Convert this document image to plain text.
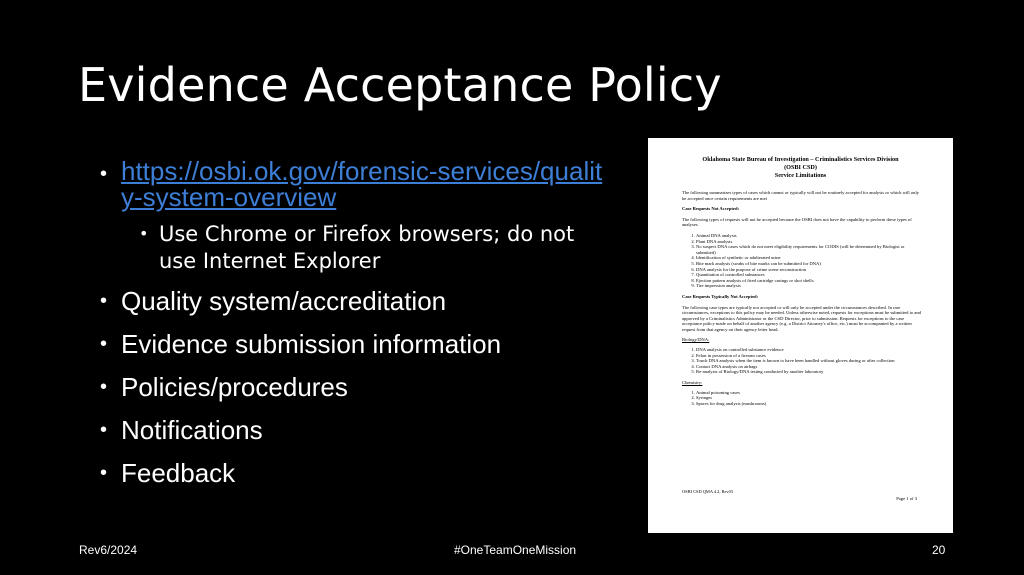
Evidence Acceptance Policy
• https://osbi.ok.gov/forensic-services/quality-system-overview
• Use Chrome or Firefox browsers; do not use Internet Explorer
• Quality system/accreditation
• Evidence submission information
• Policies/procedures
• Notifications
• Feedback
Oklahoma State Bureau of Investigation – Criminalistics Services Division
(OSBI CSD)
Service Limitations

The following summarizes types of cases which cannot or typically will not be routinely accepted for analysis or which will only be accepted once certain requirements are met

Case Requests Not Accepted:

The following types of requests will not be accepted because the OSBI does not have the capability to perform these types of analyses.

1. Animal DNA analysis
2. Plant DNA analysis
3. No suspect DNA cases which do not meet eligibility requirements for CODIS (will be determined by Biologist or submitted)
4. Identification of synthetic or adulterated urine
5. Bite mark analysis (swabs of bite marks can be submitted for DNA)
6. DNA analysis for the purpose of crime scene reconstruction
7. Quantitation of controlled substances
8. Ejection pattern analysis of fired cartridge casings or shot shells
9. Tire impression analysis

Case Requests Typically Not Accepted:

The following case types are typically not accepted or will only be accepted under the circumstances described. In rare circumstances, exceptions to this policy may be needed. Unless otherwise noted, requests for exceptions must be submitted to and approved by a Criminalistics Administrator or the CSD Director, prior to submission. Requests for exceptions to the case acceptance policy made on behalf of another agency (e.g. a District Attorney's office, etc.) must be accompanied by a written request from that agency on their agency letter head.

Biology/DNA:

1. DNA analysis on controlled substance evidence
2. Felon in possession of a firearm cases
3. Touch DNA analysis when the item is known to have been handled without gloves during or after collection
4. Contact DNA analysis on airbags
5. Re-analysis of Biology/DNA testing conducted by another laboratory

Chemistry:

1. Animal poisoning cases
2. Syringes
3. Spores for drug analysis (mushrooms)
OSBI CSD QMA 4.2, Rev03
Page 1 of 3
Rev6/2024	#OneTeamOneMission	20
